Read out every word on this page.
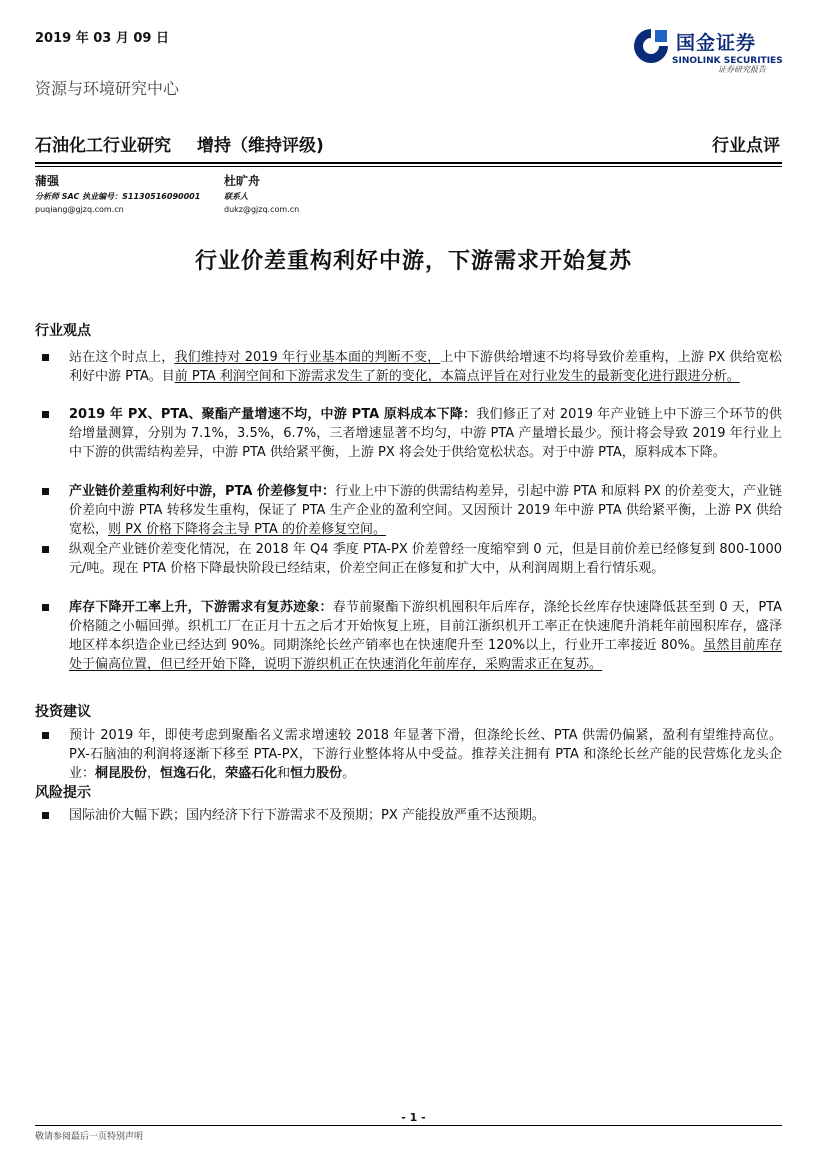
2019 年 03 月 09 日
资源与环境研究中心
国金证券
SINOLINK SECURITIES
证券研究报告
石油化工行业研究 增持（维持评级)	行业点评
蒲强
分析师 SAC 执业编号：S1130516090001
puqiang@gjzq.com.cn
杜旷舟
联系人
dukz@gjzq.com.cn
行业价差重构利好中游，下游需求开始复苏
行业观点
站在这个时点上，我们维持对 2019 年行业基本面的判断不变，上中下游供给增速不均将导致价差重构，上游 PX 供给宽松利好中游 PTA。目前 PTA 利润空间和下游需求发生了新的变化，本篇点评旨在对行业发生的最新变化进行跟进分析。
2019 年 PX、PTA、聚酯产量增速不均，中游 PTA 原料成本下降：我们修正了对 2019 年产业链上中下游三个环节的供给增量测算，分别为 7.1%，3.5%，6.7%，三者增速显著不均匀，中游 PTA 产量增长最少。预计将会导致 2019 年行业上中下游的供需结构差异，中游 PTA 供给紧平衡，上游 PX 将会处于供给宽松状态。对于中游 PTA，原料成本下降。
产业链价差重构利好中游，PTA 价差修复中：行业上中下游的供需结构差异，引起中游 PTA 和原料 PX 的价差变大，产业链价差向中游 PTA 转移发生重构，保证了 PTA 生产企业的盈利空间。又因预计 2019 年中游 PTA 供给紧平衡，上游 PX 供给宽松，则 PX 价格下降将会主导 PTA 的价差修复空间。
纵观全产业链价差变化情况，在 2018 年 Q4 季度 PTA-PX 价差曾经一度缩窄到 0 元，但是目前价差已经修复到 800-1000 元/吨。现在 PTA 价格下降最快阶段已经结束，价差空间正在修复和扩大中，从利润周期上看行情乐观。
库存下降开工率上升，下游需求有复苏迹象：春节前聚酯下游织机囤积年后库存，涤纶长丝库存快速降低甚至到 0 天，PTA 价格随之小幅回弹。织机工厂在正月十五之后才开始恢复上班，目前江浙织机开工率正在快速爬升消耗年前囤积库存，盛泽地区样本织造企业已经达到 90%。同期涤纶长丝产销率也在快速爬升至 120%以上，行业开工率接近 80%。虽然目前库存处于偏高位置，但已经开始下降，说明下游织机正在快速消化年前库存，采购需求正在复苏。
投资建议
预计 2019 年，即使考虑到聚酯名义需求增速较 2018 年显著下滑，但涤纶长丝、PTA 供需仍偏紧，盈利有望维持高位。PX-石脑油的利润将逐渐下移至 PTA-PX，下游行业整体将从中受益。推荐关注拥有 PTA 和涤纶长丝产能的民营炼化龙头企业：桐昆股份，恒逸石化，荣盛石化和恒力股份。
风险提示
国际油价大幅下跌；国内经济下行下游需求不及预期；PX 产能投放严重不达预期。
- 1 -
敬请参阅最后一页特别声明
